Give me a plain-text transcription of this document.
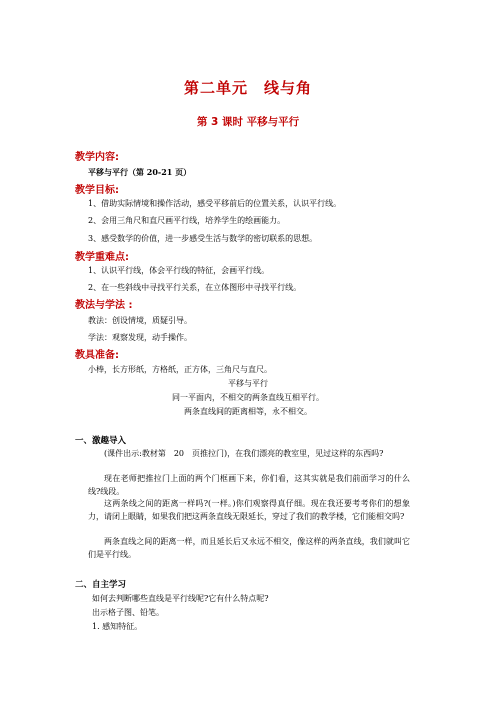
第二单元　线与角
第 3 课时 平移与平行
教学内容:
平移与平行（第 20-21 页）
教学目标:
1、借助实际情境和操作活动，感受平移前后的位置关系，认识平行线。
2、会用三角尺和直尺画平行线，培养学生的绘画能力。
3、感受数学的价值，进一步感受生活与数学的密切联系的思想。
教学重难点:
1、认识平行线，体会平行线的特征，会画平行线。
2、在一些斜线中寻找平行关系，在立体图形中寻找平行线。
教法与学法 :
教法：创设情境，质疑引导。
学法：观察发现，动手操作。
教具准备:
小棒，长方形纸，方格纸，正方体，三角尺与直尺。
平移与平行
同一平面内，不相交的两条直线互相平行。
两条直线间的距离相等，永不相交。
一、激趣导入
(课件出示:教材第　20　页推拉门)，在我们漂亮的教室里，见过这样的东西吗?
现在老师把推拉门上面的两个门框画下来，你们看，这其实就是我们前面学习的什么线?线段。
这两条线之间的距离一样吗?(一样。)你们观察得真仔细。现在我还要考考你们的想象力，请闭上眼睛，如果我们把这两条直线无限延长，穿过了我们的教学楼，它们能相交吗?
两条直线之间的距离一样，而且延长后又永远不相交，像这样的两条直线，我们就叫它们是平行线。
二、自主学习
如何去判断哪些直线是平行线呢?它有什么特点呢?
出示格子图、铅笔。
1. 感知特征。
